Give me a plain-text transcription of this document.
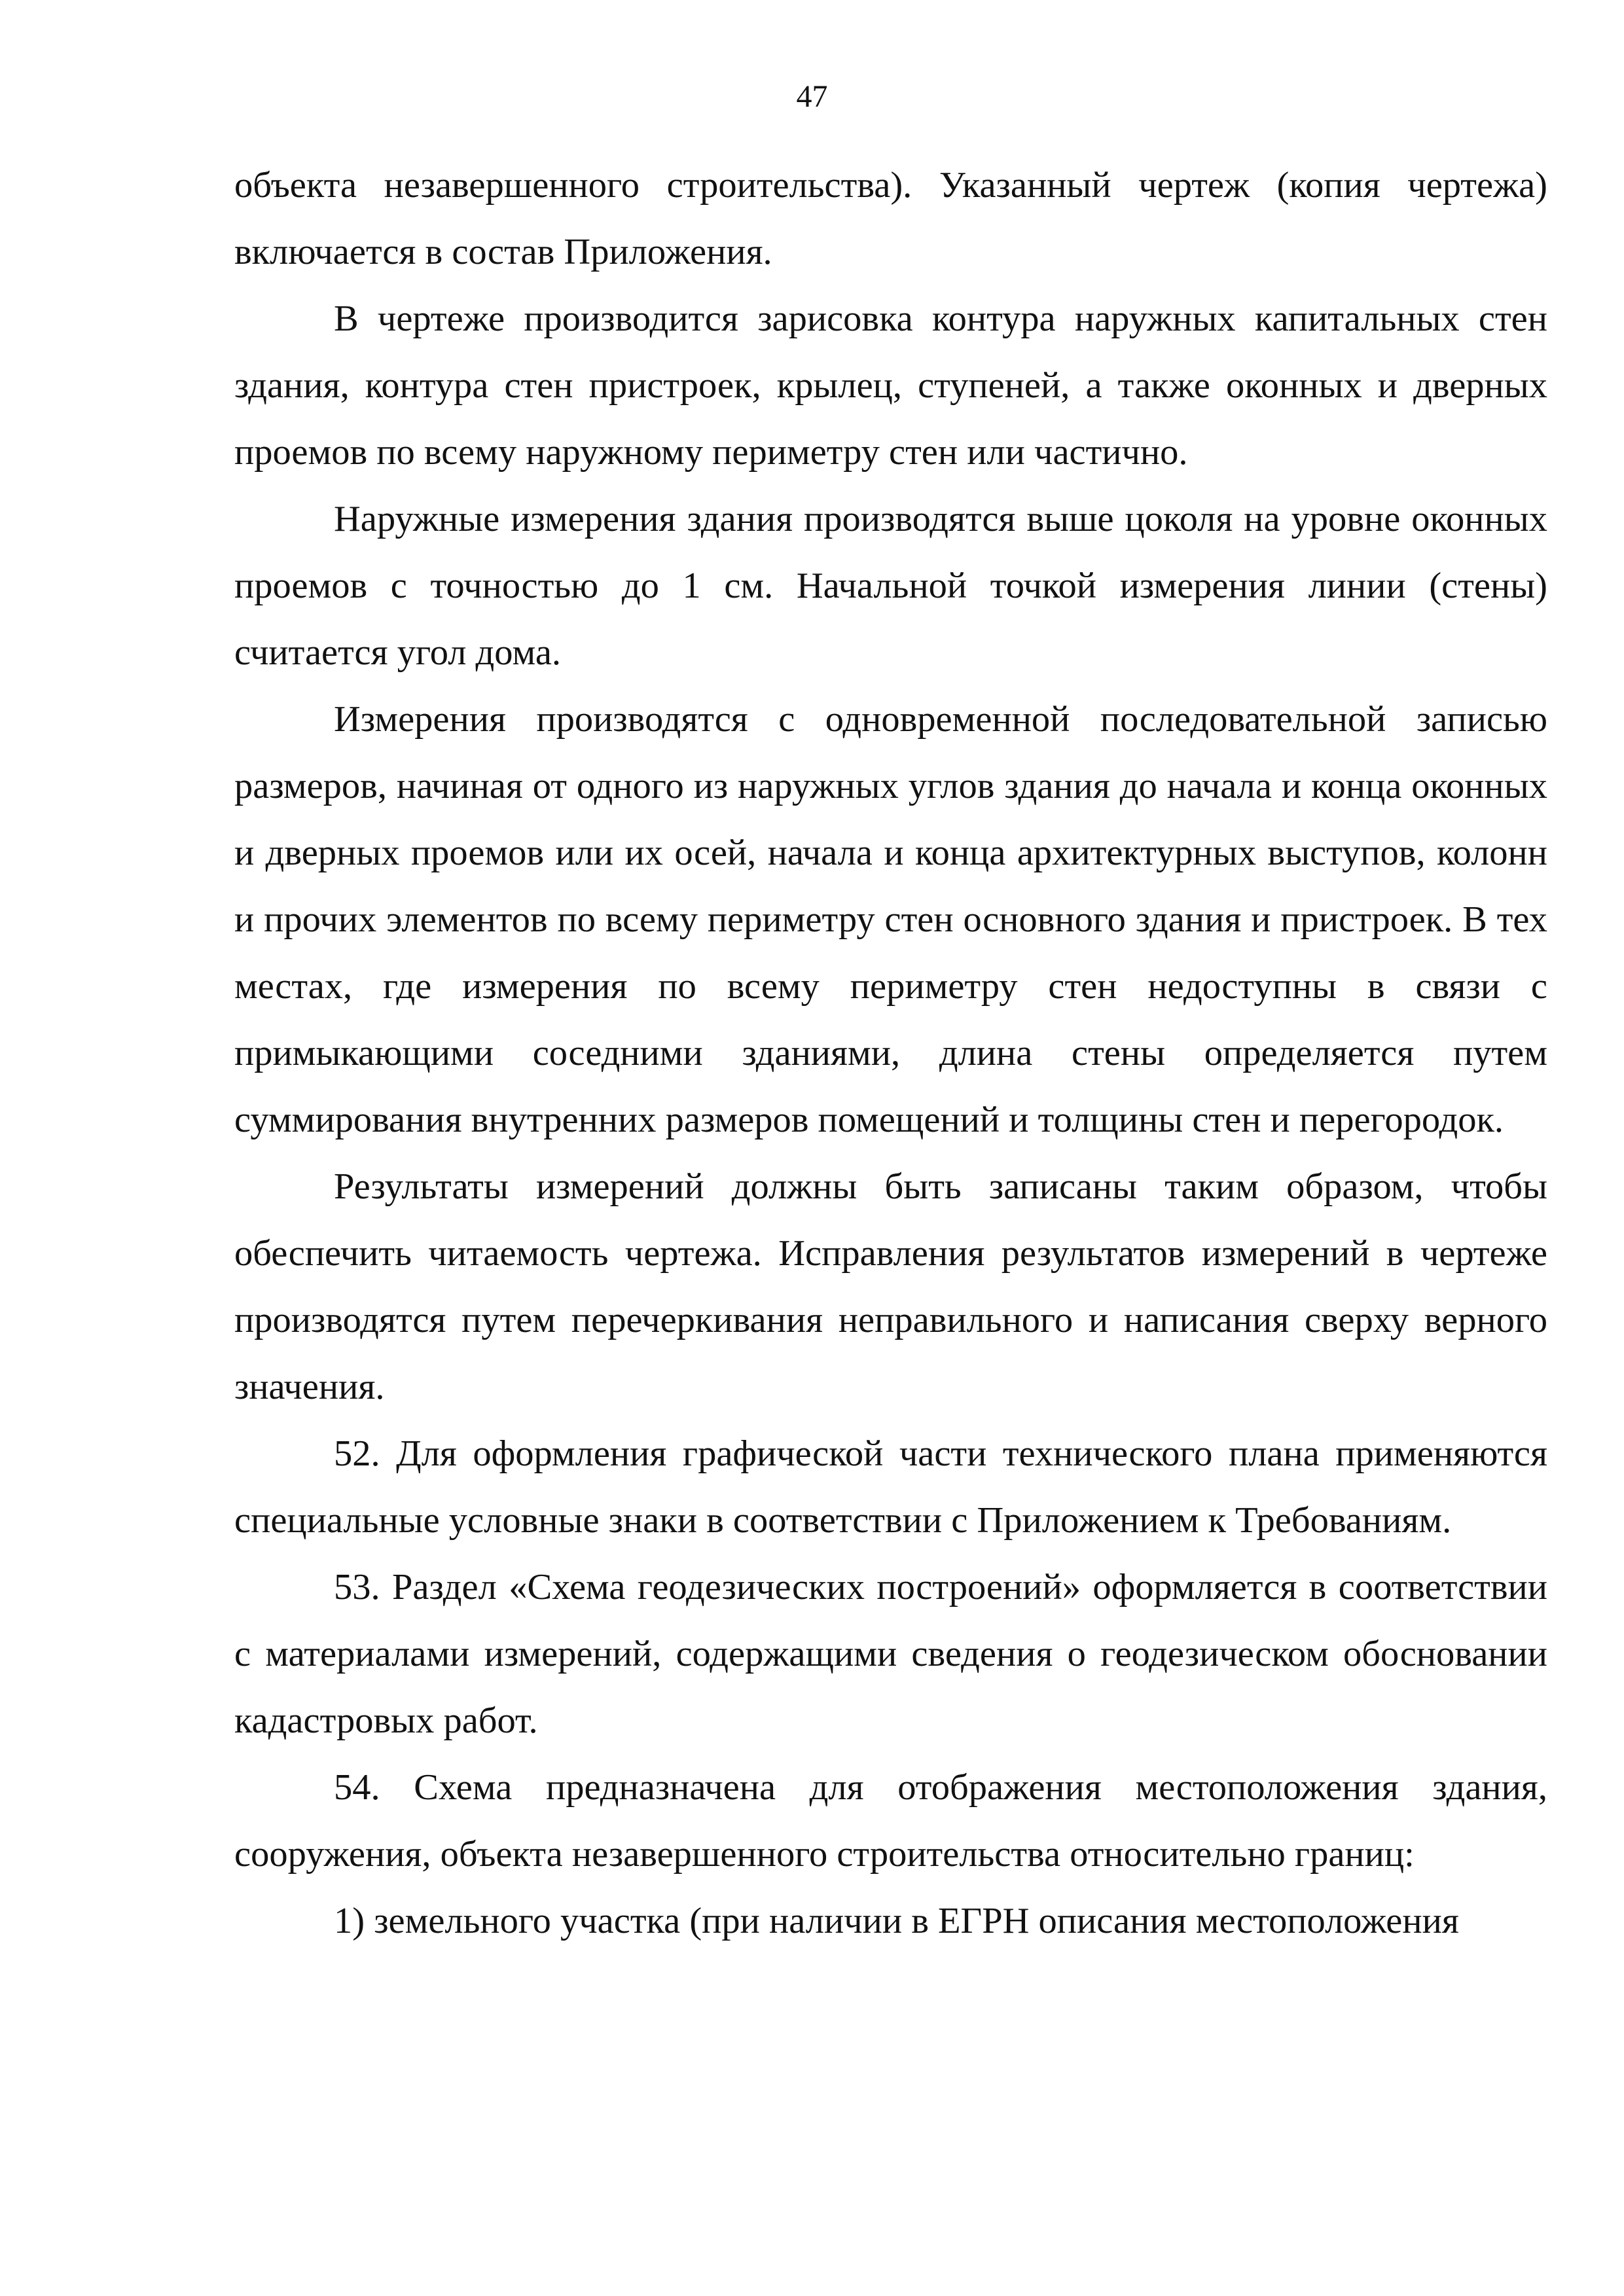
47

объекта незавершенного строительства). Указанный чертеж (копия чертежа) включается в состав Приложения.

В чертеже производится зарисовка контура наружных капитальных стен здания, контура стен пристроек, крылец, ступеней, а также оконных и дверных проемов по всему наружному периметру стен или частично.

Наружные измерения здания производятся выше цоколя на уровне оконных проемов с точностью до 1 см. Начальной точкой измерения линии (стены) считается угол дома.

Измерения производятся с одновременной последовательной записью размеров, начиная от одного из наружных углов здания до начала и конца оконных и дверных проемов или их осей, начала и конца архитектурных выступов, колонн и прочих элементов по всему периметру стен основного здания и пристроек. В тех местах, где измерения по всему периметру стен недоступны в связи с примыкающими соседними зданиями, длина стены определяется путем суммирования внутренних размеров помещений и толщины стен и перегородок.

Результаты измерений должны быть записаны таким образом, чтобы обеспечить читаемость чертежа. Исправления результатов измерений в чертеже производятся путем перечеркивания неправильного и написания сверху верного значения.

52. Для оформления графической части технического плана применяются специальные условные знаки в соответствии с Приложением к Требованиям.

53. Раздел «Схема геодезических построений» оформляется в соответствии с материалами измерений, содержащими сведения о геодезическом обосновании кадастровых работ.

54. Схема предназначена для отображения местоположения здания, сооружения, объекта незавершенного строительства относительно границ:

1) земельного участка (при наличии в ЕГРН описания местоположения
